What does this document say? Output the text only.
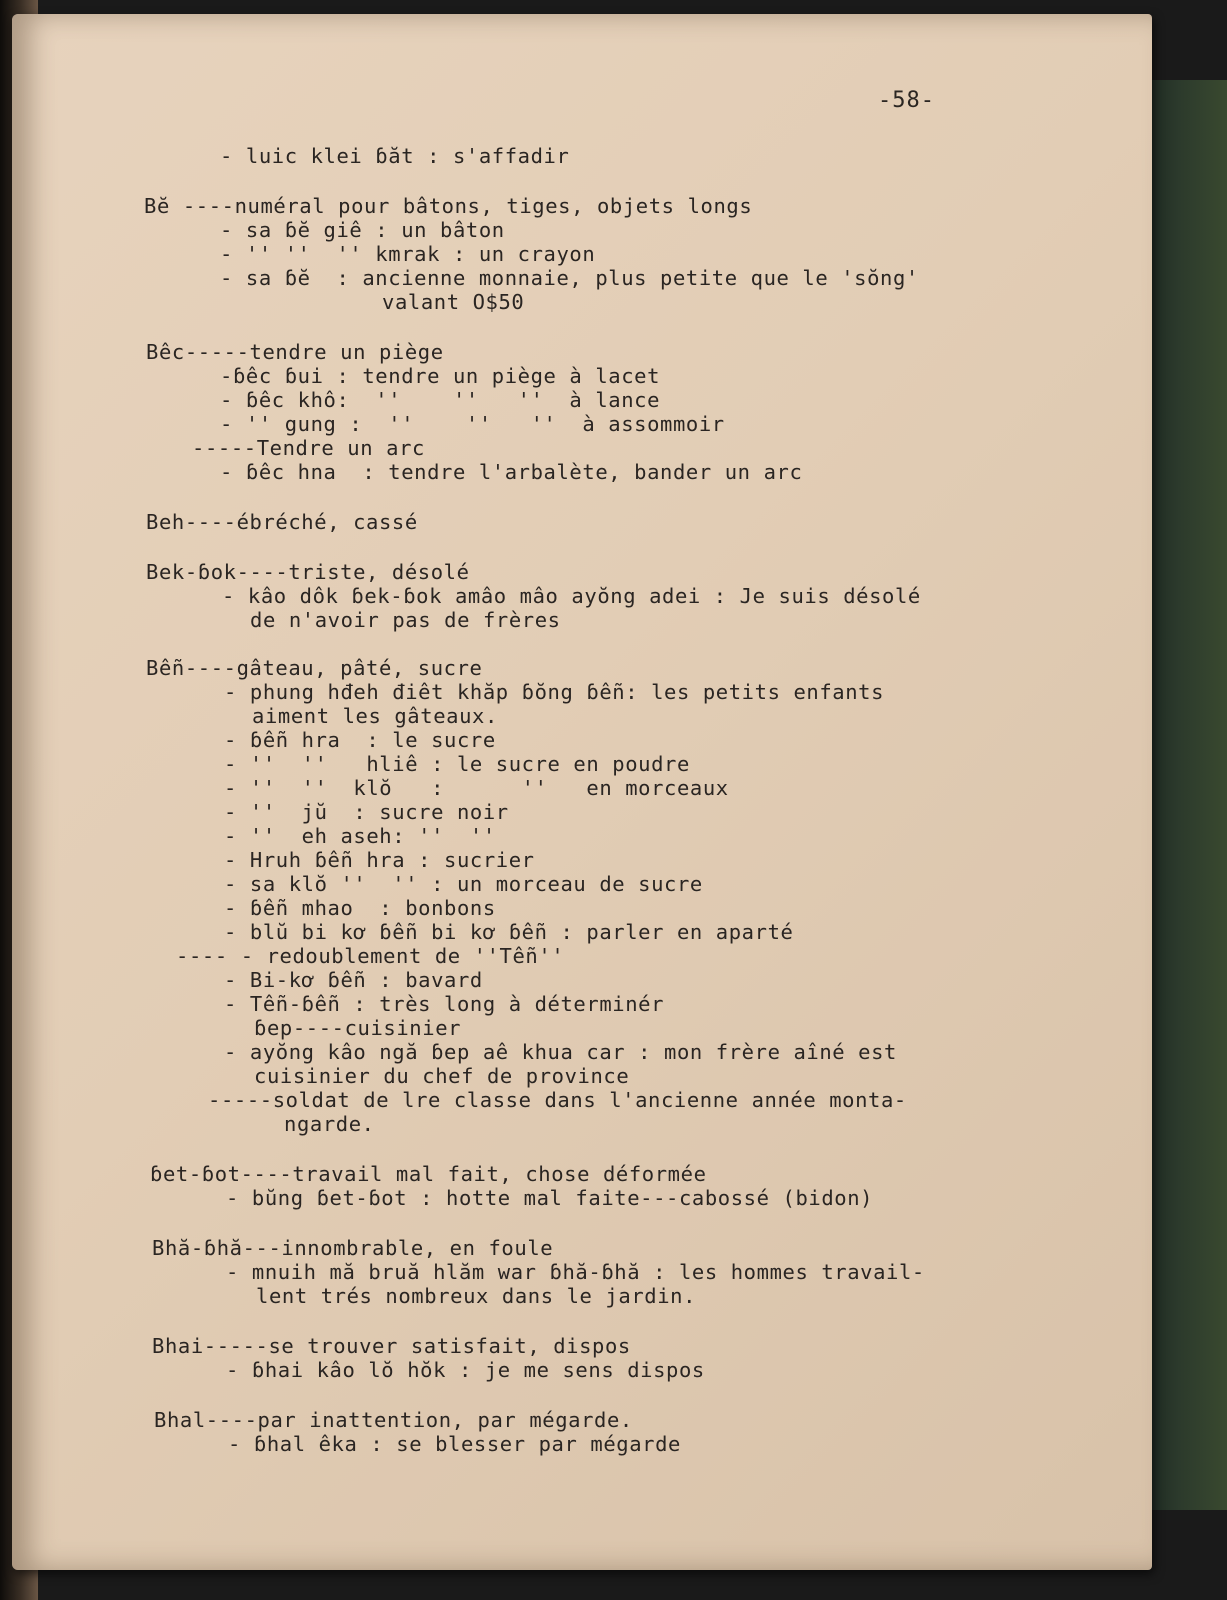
-58-
- luic klei ɓăt : s'affadir
Bĕ ----numéral pour bâtons, tiges, objets longs
- sa ɓĕ giê : un bâton
- '' ''  '' kmrak : un crayon
- sa ɓĕ  : ancienne monnaie, plus petite que le 'sŏng'
valant O$50
Bêc-----tendre un piège
-ɓêc ɓui : tendre un piège à lacet
- ɓêc khô:  ''    ''   ''  à lance
- '' gung :  ''    ''   ''  à assommoir
-----Tendre un arc
- ɓêc hna  : tendre l'arbalète, bander un arc
Beh----ébréché, cassé
Bek-ɓok----triste, désolé
- kâo dôk ɓek-ɓok amâo mâo ayŏng adei : Je suis désolé
de n'avoir pas de frères
Bêñ----gâteau, pâté, sucre
- phung hđeh điêt khăp ɓŏng ɓêñ: les petits enfants
aiment les gâteaux.
- ɓêñ hra  : le sucre
- ''  ''   hliê : le sucre en poudre
- ''  ''  klŏ   :      ''   en morceaux
- ''  jŭ  : sucre noir
- ''  eh aseh: ''  ''
- Hruh ɓêñ hra : sucrier
- sa klŏ ''  '' : un morceau de sucre
- ɓêñ mhao  : bonbons
- blŭ bi kơ ɓêñ bi kơ ɓêñ : parler en aparté
---- - redoublement de ''Têñ''
- Bi-kơ ɓêñ : bavard
- Têñ-ɓêñ : très long à déterminér
ɓep----cuisinier
- ayŏng kâo ngă ɓep aê khua car : mon frère aîné est
cuisinier du chef de province
-----soldat de lre classe dans l'ancienne année monta-
ngarde.
ɓet-ɓot----travail mal fait, chose déformée
- bŭng ɓet-ɓot : hotte mal faite---cabossé (bidon)
Bhă-ɓhă---innombrable, en foule
- mnuih mă bruă hlăm war ɓhă-ɓhă : les hommes travail-
lent trés nombreux dans le jardin.
Bhai-----se trouver satisfait, dispos
- ɓhai kâo lŏ hŏk : je me sens dispos
Bhal----par inattention, par mégarde.
- ɓhal êka : se blesser par mégarde
